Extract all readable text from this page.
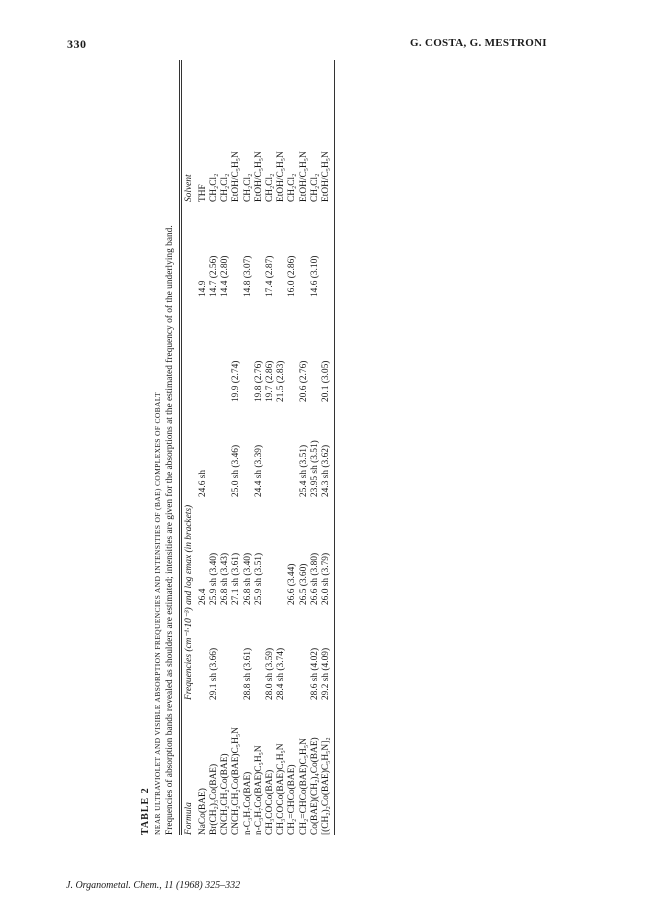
330	G. COSTA, G. MESTRONI
TABLE 2 NEAR ULTRAVIOLET AND VISIBLE ABSORPTION FREQUENCIES AND INTENSITIES OF (BAE) COMPLEXES OF COBALT Frequencies of absorption bands revealed as shoulders are estimated; intensities are given for the absorptions at the estimated frequency of of the underlying band. Formula	Frequencies (cm⁻¹·10⁻³) and log εmax (in brackets)					Solvent
NaCo(BAE)		26.4	24.6 sh		14.9	THF
Br(CH₂)₃Co(BAE)	29.1 sh (3.66)	25.9 sh (3.40)			14.7 (2.56)	CH₂Cl₂
CNCH₂CH₂Co(BAE)		26.8 sh (3.43)			14.4 (2.80)	CH₂Cl₂
CNCH₂CH₂Co(BAE)C₅H₅N		27.1 sh (3.61)	25.0 sh (3.46)	19.9 (2.74)		EtOH/C₅H₅N
n-C₃H₇Co(BAE)	28.8 sh (3.61)	26.8 sh (3.40)			14.8 (3.07)	CH₂Cl₂
n-C₃H₇Co(BAE)C₅H₅N		25.9 sh (3.51)	24.4 sh (3.39)	19.8 (2.76)		EtOH/C₅H₅N
CH₃COCo(BAE)	28.0 sh (3.59)			19.7 (2.86)	17.4 (2.87)	CH₂Cl₂
CH₃COCo(BAE)C₅H₅N	28.4 sh (3.74)			21.5 (2.83)		EtOH/C₅H₅N
CH₂=CHCo(BAE)		26.6 (3.44)			16.0 (2.86)	CH₂Cl₂
CH₂=CHCo(BAE)C₅H₅N		26.5 (3.60)	25.4 sh (3.51)	20.6 (2.76)		EtOH/C₅H₅N
Co(BAE)(CH₂)₄Co(BAE)	28.6 sh (4.02)	26.6 sh (3.80)	23.95 sh (3.51)		14.6 (3.10)	CH₂Cl₂
[(CH₂)₂Co(BAE)C₅H₅N]₂	29.2 sh (4.09)	26.0 sh (3.79)	24.3 sh (3.62)	20.1 (3.05)		EtOH/C₅H₅N
J. Organometal. Chem., 11 (1968) 325–332
